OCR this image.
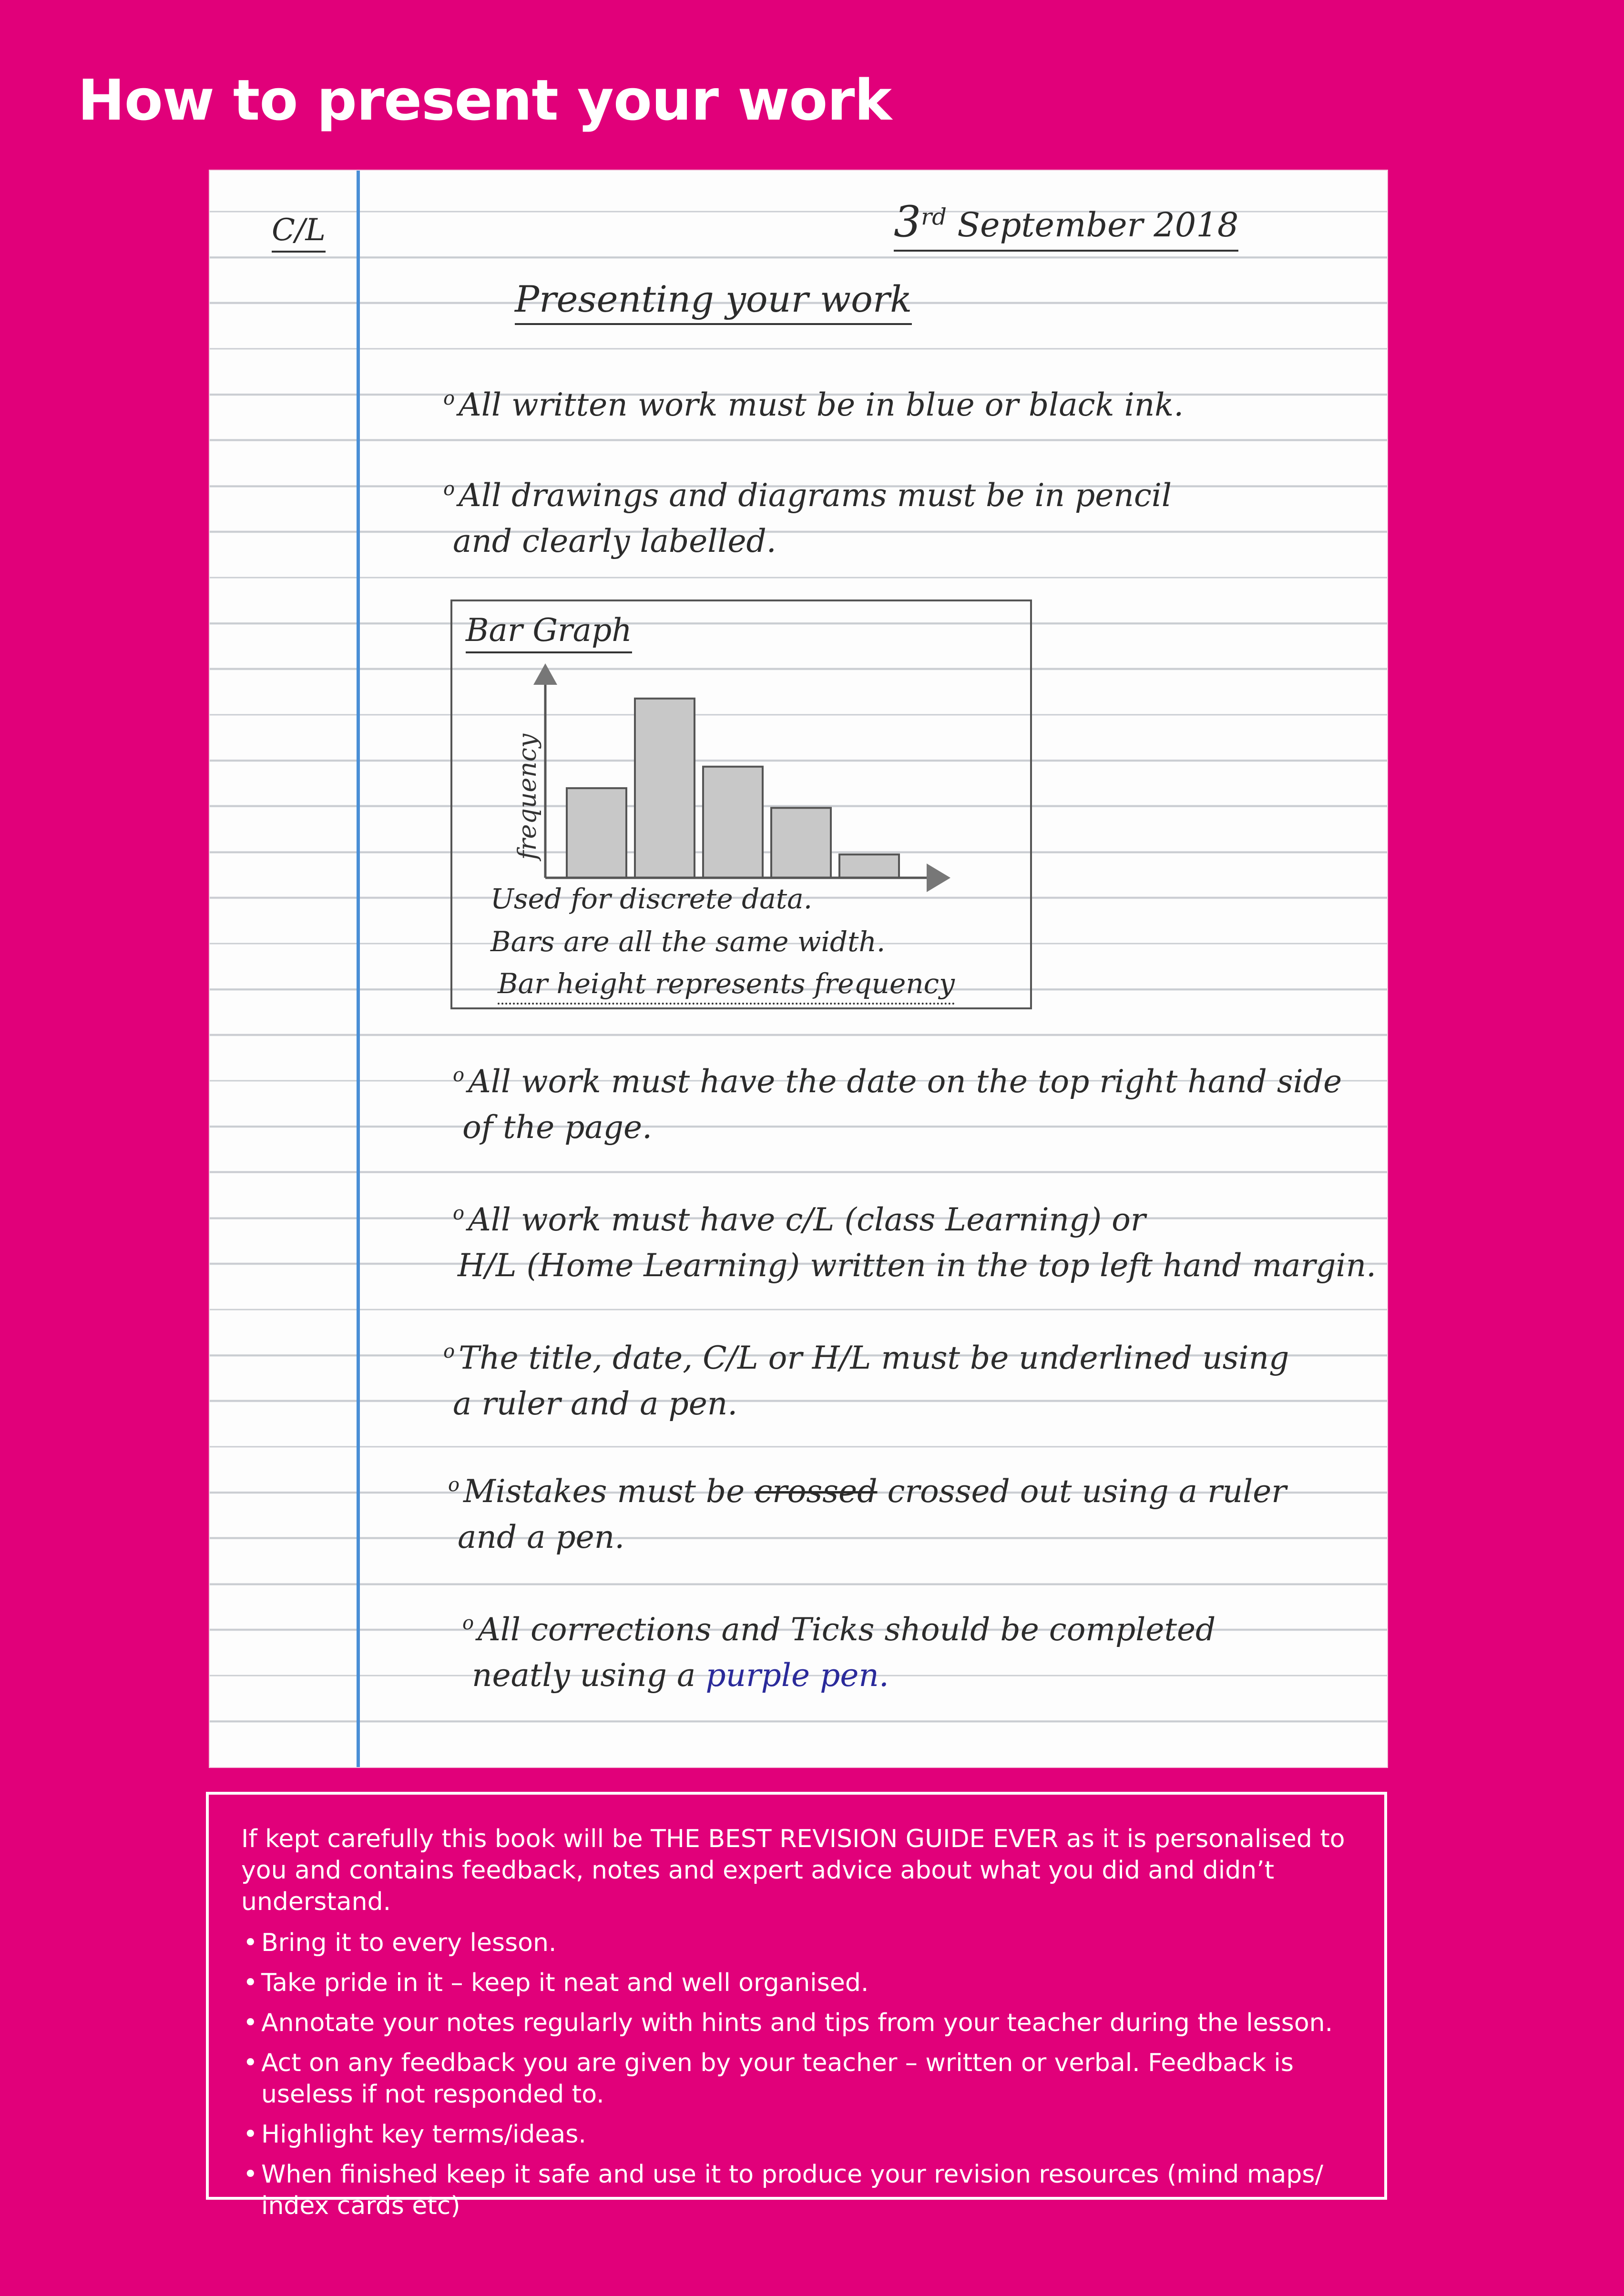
How to present your work
C/L	3rd September 2018
Presenting your work
$^o$ All written work must be in blue or black ink.
$^o$ All drawings and diagrams must be in pencil
and clearly labelled.
Bar Graph
frequency
Used for discrete data.
Bars are all the same width.
Bar height represents frequency
$^o$ All work must have the date on the top right hand side
of the page.
$^o$ All work must have c/L (class Learning) or
H/L (Home Learning) written in the top left hand margin.
$^o$ The title, date, C/L or H/L must be underlined using
a ruler and a pen.
$^o$ Mistakes must be crossed crossed out using a ruler
and a pen.
$^o$ All corrections and Ticks should be completed
neatly using a purple pen.

If kept carefully this book will be THE BEST REVISION GUIDE EVER as it is personalised to you and contains feedback, notes and expert advice about what you did and didn’t understand.

• Bring it to every lesson.
• Take pride in it – keep it neat and well organised.
• Annotate your notes regularly with hints and tips from your teacher during the lesson.
• Act on any feedback you are given by your teacher – written or verbal. Feedback is useless if not responded to.
• Highlight key terms/ideas.
• When finished keep it safe and use it to produce your revision resources (mind maps/ index cards etc)
